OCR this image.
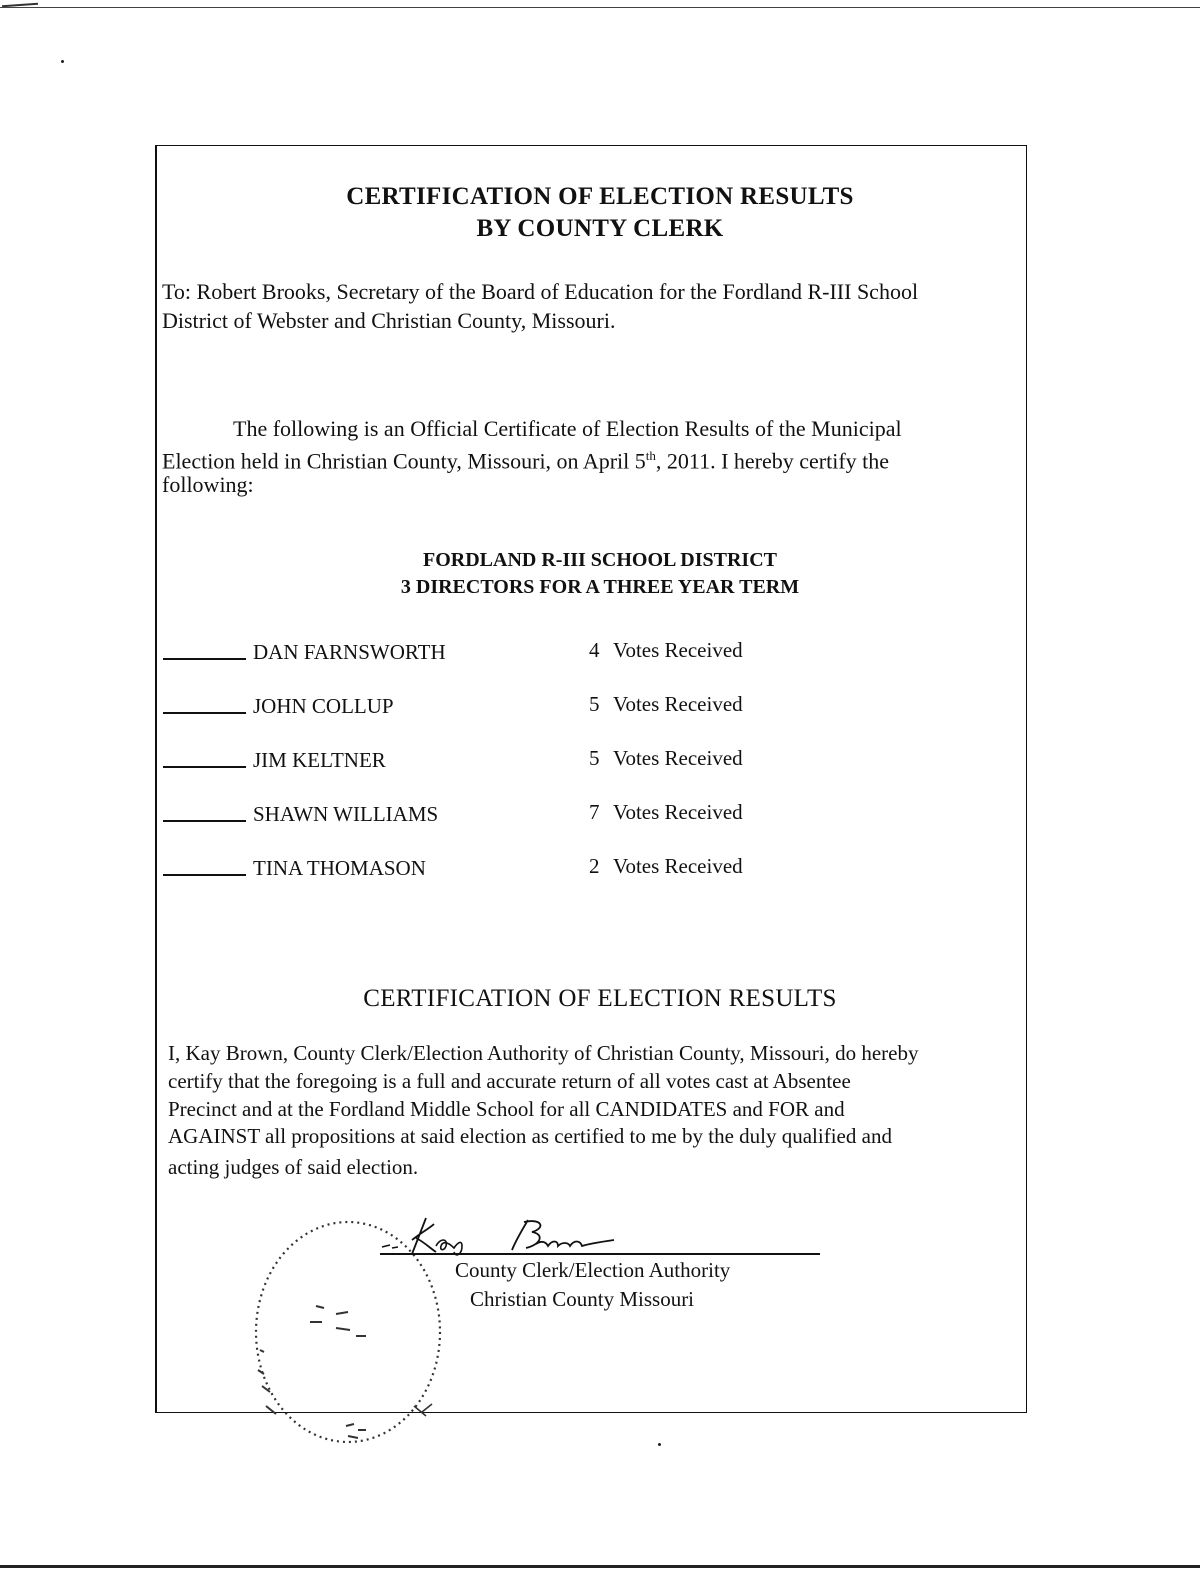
CERTIFICATION OF ELECTION RESULTS
BY COUNTY CLERK
To: Robert Brooks, Secretary of the Board of Education for the Fordland R-III School
District of Webster and Christian County, Missouri.
The following is an Official Certificate of Election Results of the Municipal
Election held in Christian County, Missouri, on April 5th, 2011. I hereby certify the
following:
FORDLAND R-III SCHOOL DISTRICT
3 DIRECTORS FOR A THREE YEAR TERM
DAN FARNSWORTH	4 Votes Received
JOHN COLLUP	5 Votes Received
JIM KELTNER	5 Votes Received
SHAWN WILLIAMS	7 Votes Received
TINA THOMASON	2 Votes Received
CERTIFICATION OF ELECTION RESULTS
I, Kay Brown, County Clerk/Election Authority of Christian County, Missouri, do hereby
certify that the foregoing is a full and accurate return of all votes cast at Absentee
Precinct and at the Fordland Middle School for all CANDIDATES and FOR and
AGAINST all propositions at said election as certified to me by the duly qualified and
acting judges of said election.
County Clerk/Election Authority
Christian County Missouri
